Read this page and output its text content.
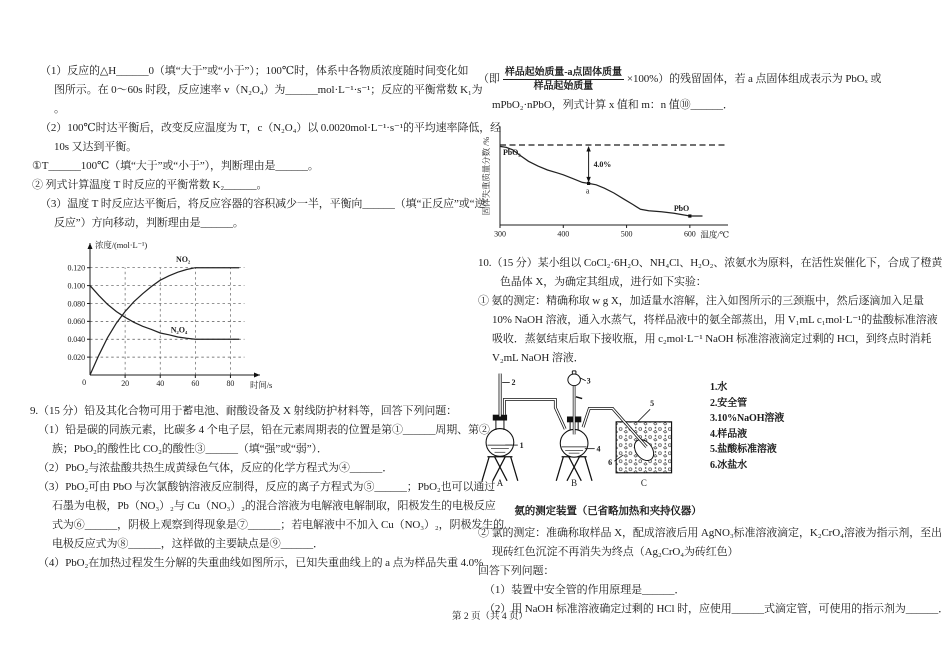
（1）反应的△H______0（填“大于”或“小于”）；100℃时，体系中各物质浓度随时间变化如
图所示。在 0～60s 时段，反应速率 v（N₂O₄）为______mol·L⁻¹·s⁻¹；反应的平衡常数 K₁为
。
（2）100℃时达平衡后，改变反应温度为 T，c（N₂O₄）以 0.0020mol·L⁻¹·s⁻¹的平均速率降低，经
10s 又达到平衡。
①T______100℃（填“大于”或“小于”），判断理由是______。
② 列式计算温度 T 时反应的平衡常数 K₂______。
（3）温度 T 时反应达平衡后，将反应容器的容积减少一半，平衡向______（填“正反应”或“逆
反应”）方向移动，判断理由是______。
0.020
0.040
0.060
0.080
0.100
0.120
20	40	60	80
浓度/(mol·L⁻¹)
时间/s
0
NO₂
N₂O₄
9.（15 分）铅及其化合物可用于蓄电池、耐酸设备及 X 射线防护材料等，回答下列问题：
（1）铅是碳的同族元素，比碳多 4 个电子层，铅在元素周期表的位置是第①______周期、第②
族；PbO₂的酸性比 CO₂的酸性③______（填“强”或“弱”）．
（2）PbO₂与浓盐酸共热生成黄绿色气体，反应的化学方程式为④______．
（3）PbO₂可由 PbO 与次氯酸钠溶液反应制得，反应的离子方程式为⑤______；PbO₂也可以通过
石墨为电极，Pb（NO₃）₂与 Cu（NO₃）₂的混合溶液为电解液电解制取，阳极发生的电极反应
式为⑥______，阴极上观察到得现象是⑦______；若电解液中不加入 Cu（NO₃）₂，阴极发生的
电极反应式为⑧______，这样做的主要缺点是⑨______．
（4）PbO₂在加热过程发生分解的失重曲线如图所示，已知失重曲线上的 a 点为样品失重 4.0%
（即 $\frac{\text{样品起始质量-a点固体质量}}{\text{样品起始质量}} \times 100\%$）的残留固体，若 a 点固体组成表示为 PbOₓ 或
mPbO₂·nPbO，列式计算 x 值和 m：n 值⑩______．
300	400	500	600 温度/℃
固体失重质量分数 /% PbO₂
PbO
4.0%
a
10.（15 分）某小组以 CoCl₂·6H₂O、NH₄Cl、H₂O₂、浓氨水为原料，在活性炭催化下，合成了橙黄
色晶体 X，为确定其组成，进行如下实验：
① 氨的测定：精确称取 w g X，加适量水溶解，注入如图所示的三颈瓶中，然后逐滴加入足量
10% NaOH 溶液，通入水蒸气，将样品液中的氨全部蒸出，用 V₁mL c₁mol·L⁻¹的盐酸标准溶液
吸收．蒸氨结束后取下接收瓶，用 c₂mol·L⁻¹ NaOH 标准溶液滴定过剩的 HCl，到终点时消耗
V₂mL NaOH 溶液．
2
1
3
4
5
6
A	B	C
1.水
2.安全管
3.10%NaOH溶液
4.样品液
5.盐酸标准溶液
6.冰盐水
氨的测定装置（已省略加热和夹持仪器）
② 氯的测定：准确称取样品 X，配成溶液后用 AgNO₃标准溶液滴定，K₂CrO₄溶液为指示剂，至出
现砖红色沉淀不再消失为终点（Ag₂CrO₄为砖红色）
回答下列问题：
（1）装置中安全管的作用原理是______．
（2）用 NaOH 标准溶液确定过剩的 HCl 时，应使用______式滴定管，可使用的指示剂为______．
第 2 页（共 4 页）
